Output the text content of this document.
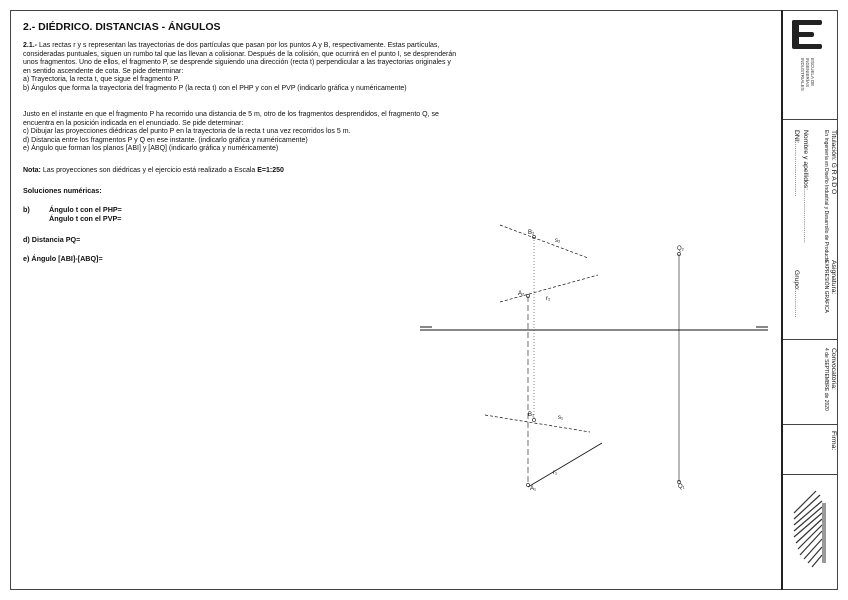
2.- DIÉDRICO. DISTANCIAS - ÁNGULOS
2.1.- Las rectas r y s representan las trayectorias de dos partículas que pasan por los puntos A y B, respectivamente. Estas partículas,
consideradas puntuales, siguen un rumbo tal que las llevan a colisionar. Después de la colisión, que ocurrirá en el punto I, se desprenderán
unos fragmentos. Uno de ellos, el fragmento P, se desprende siguiendo una dirección (recta t) perpendicular a las trayectorias originales y
en sentido ascendente de cota. Se pide determinar:
a) Trayectoria, la recta t, que sigue el fragmento P.
b) Ángulos que forma la trayectoria del fragmento P (la recta t) con el PHP y con el PVP (indicarlo gráfica y numéricamente)
Justo en el instante en que el fragmento P ha recorrido una distancia de 5 m, otro de los fragmentos desprendidos, el fragmento Q, se
encuentra en la posición indicada en el enunciado. Se pide determinar:
c) Dibujar las proyecciones diédricas del punto P en la trayectoria de la recta t una vez recorridos los 5 m.
d) Distancia entre los fragmentos P y Q en ese instante. (indicarlo gráfica y numéricamente)
e) Ángulo que forman los planos [ABI] y [ABQ] (indicarlo gráfica y numéricamente)
Nota: Las proyecciones son diédricas y el ejercicio está realizado a Escala E=1:250
Soluciones numéricas:
b)	Ángulo t con el PHP=
Ángulo t con el PVP=
d) Distancia PQ=
e) Ángulo [ABI]-[ABQ]=
B₂
s₂
A₂
r₂
Q₂
B₁	s₁
r₁
A₁	Q₁
ESCUELA DE
INGENIERÍAS
INDUSTRIALES
Titulación: G R A D O
En Ingeniería en Diseño Industrial y Desarrollo de Producto
Nombre y apellidos:............................
DNI:............................
Asignatura:
EXPRESIÓN GRÁFICA
Grupo:..............
Convocatoria:
4 de SEPTIEMBRE de 2020
Firma:
